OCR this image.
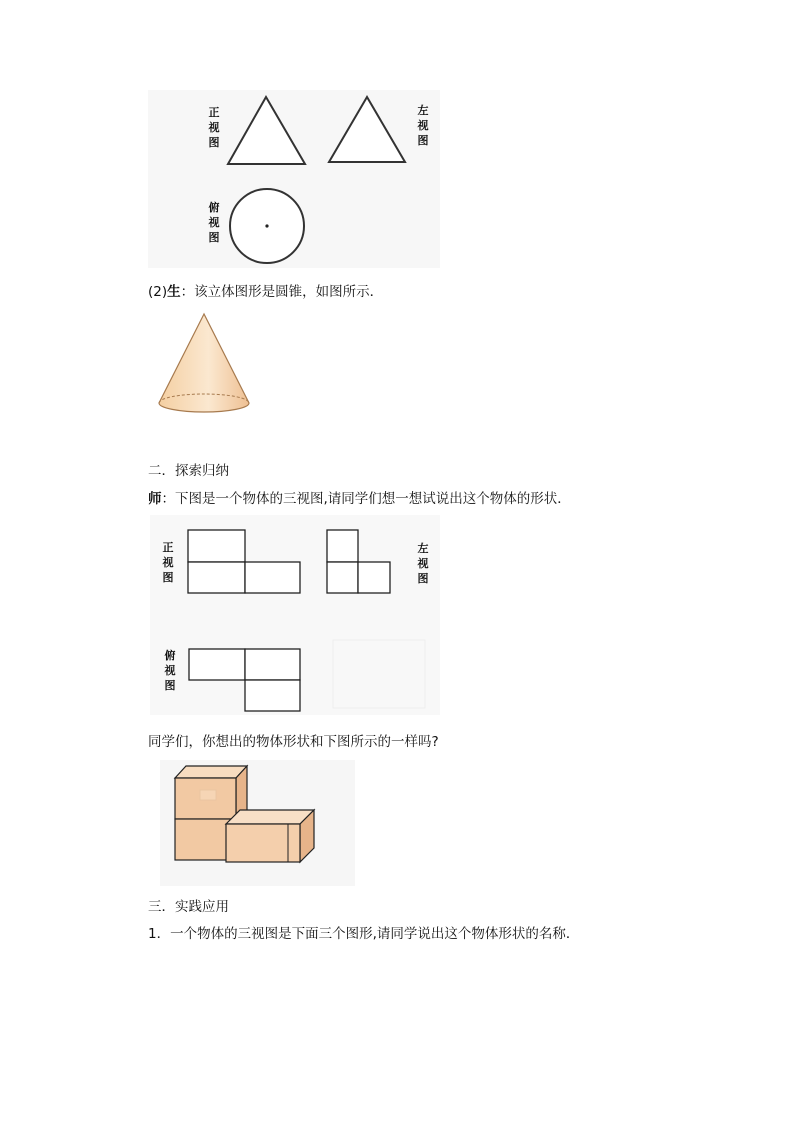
正
视
图
左
视
图
俯
视
图
(2)生：该立体图形是圆锥，如图所示．
二．探索归纳
师：下图是一个物体的三视图,请同学们想一想试说出这个物体的形状．
正
视
图
左
视
图
俯
视
图
同学们，你想出的物体形状和下图所示的一样吗?
三．实践应用
1．一个物体的三视图是下面三个图形,请同学说出这个物体形状的名称．
